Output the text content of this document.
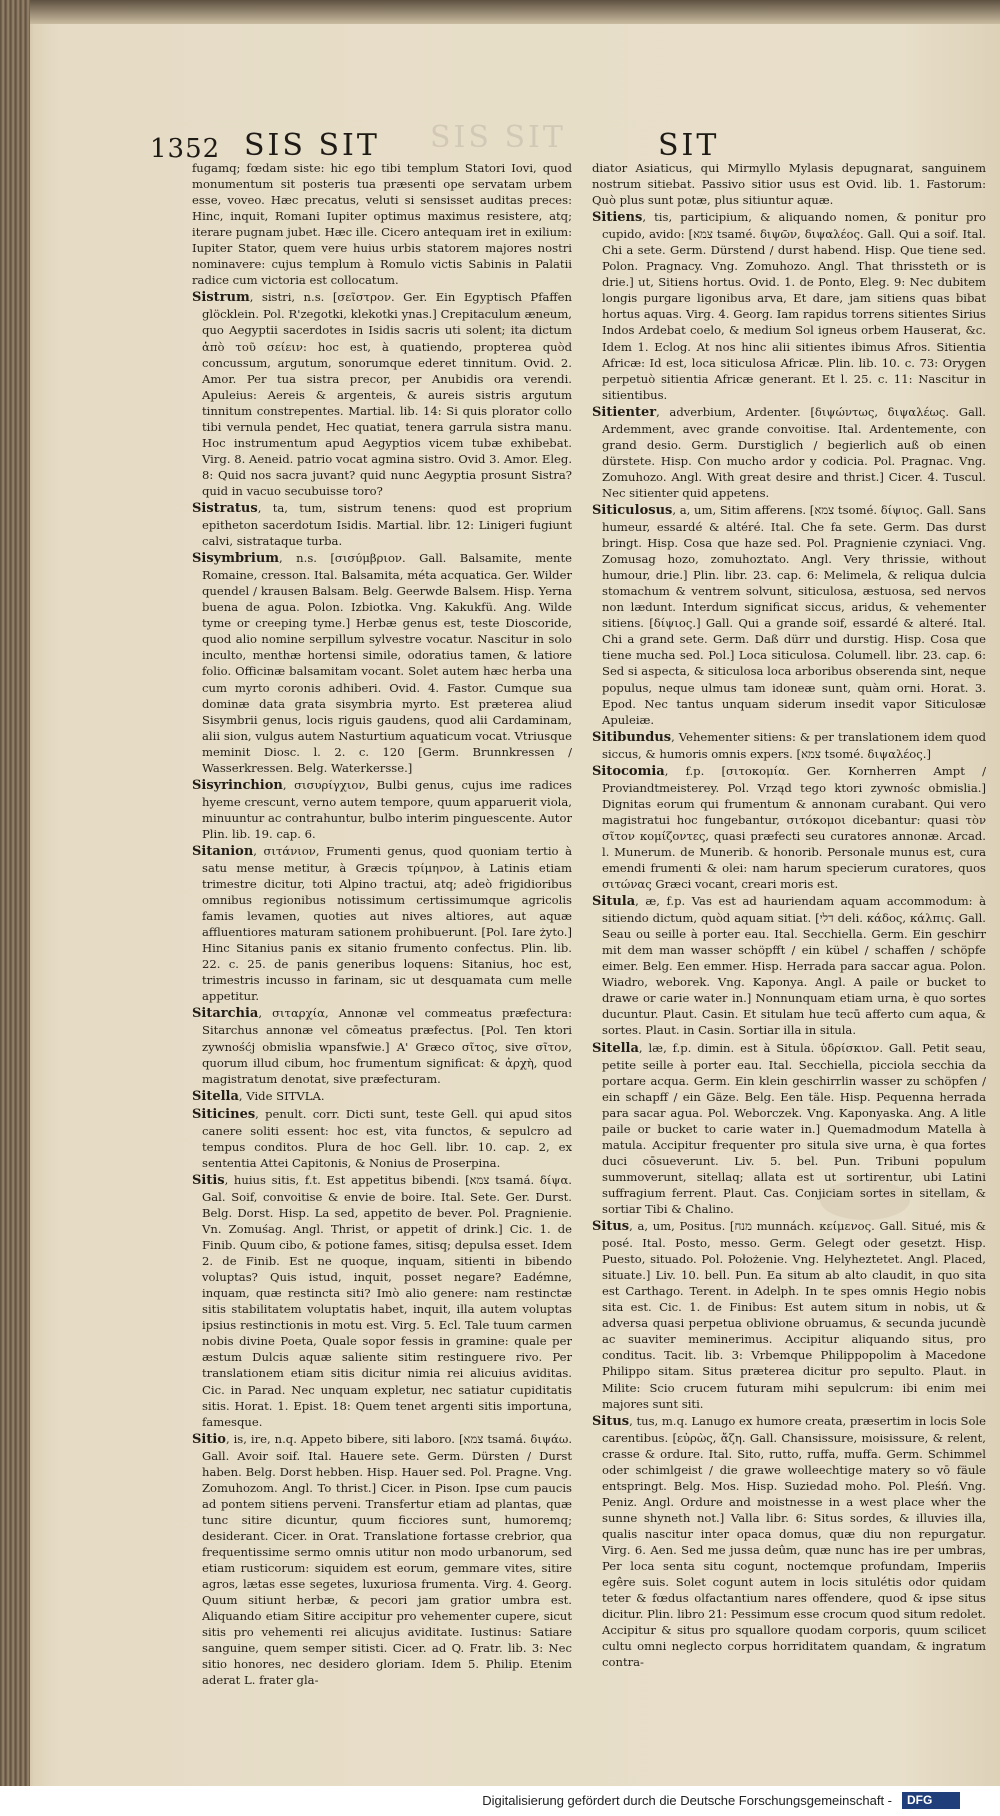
SIS SIT
1352 SIS SIT	SIT

fugamq; fœdam siste: hic ego tibi templum Statori Iovi, quod monumentum sit posteris tua præsenti ope servatam urbem esse, voveo. Hæc precatus, veluti si sensisset auditas preces: Hinc, inquit, Romani Iupiter optimus maximus resistere, atq; iterare pugnam jubet. Hæc ille. Cicero antequam iret in exilium: Iupiter Stator, quem vere huius urbis statorem majores nostri nominavere: cujus templum à Romulo victis Sabinis in Palatii radice cum victoria est collocatum.

Sistrum, sistri, n.s. [σεῖστρον. Ger. Ein Egyptisch Pfaffen glöcklein. Pol. R'zegotki, klekotki ynas.] Crepitaculum æneum, quo Aegyptii sacerdotes in Isidis sacris uti solent; ita dictum ἀπὸ τοῦ σείειν: hoc est, à quatiendo, propterea quòd concussum, argutum, sonorumque ederet tinnitum. Ovid. 2. Amor. Per tua sistra precor, per Anubidis ora verendi. Apuleius: Aereis & argenteis, & aureis sistris argutum tinnitum constrepentes. Martial. lib. 14: Si quis plorator collo tibi vernula pendet, Hec quatiat, tenera garrula sistra manu. Hoc instrumentum apud Aegyptios vicem tubæ exhibebat. Virg. 8. Aeneid. patrio vocat agmina sistro. Ovid 3. Amor. Eleg. 8: Quid nos sacra juvant? quid nunc Aegyptia prosunt Sistra? quid in vacuo secubuisse toro?

Sistratus, ta, tum, sistrum tenens: quod est proprium epitheton sacerdotum Isidis. Martial. libr. 12: Linigeri fugiunt calvi, sistrataque turba.

Sisymbrium, n.s. [σισύμβριον. Gall. Balsamite, mente Romaine, cresson. Ital. Balsamita, méta acquatica. Ger. Wilder quendel / krausen Balsam. Belg. Geerwde Balsem. Hisp. Yerna buena de agua. Polon. Izbiotka. Vng. Kakukfü. Ang. Wilde tyme or creeping tyme.] Herbæ genus est, teste Dioscoride, quod alio nomine serpillum sylvestre vocatur. Nascitur in solo inculto, menthæ hortensi simile, odoratius tamen, & latiore folio. Officinæ balsamitam vocant. Solet autem hæc herba una cum myrto coronis adhiberi. Ovid. 4. Fastor. Cumque sua dominæ data grata sisymbria myrto. Est præterea aliud Sisymbrii genus, locis riguis gaudens, quod alii Cardaminam, alii sion, vulgus autem Nasturtium aquaticum vocat. Vtriusque meminit Diosc. l. 2. c. 120 [Germ. Brunnkressen / Wasserkressen. Belg. Waterkersse.]

Sisyrinchion, σισυρίγχιον, Bulbi genus, cujus ime radices hyeme crescunt, verno autem tempore, quum apparuerit viola, minuuntur ac contrahuntur, bulbo interim pinguescente. Autor Plin. lib. 19. cap. 6.

Sitanion, σιτάνιον, Frumenti genus, quod quoniam tertio à satu mense metitur, à Græcis τρίμηνον, à Latinis etiam trimestre dicitur, toti Alpino tractui, atq; adeò frigidioribus omnibus regionibus notissimum certissimumque agricolis famis levamen, quoties aut nives altiores, aut aquæ affluentiores maturam sationem prohibuerunt. [Pol. Iare żyto.] Hinc Sitanius panis ex sitanio frumento confectus. Plin. lib. 22. c. 25. de panis generibus loquens: Sitanius, hoc est, trimestris incusso in farinam, sic ut desquamata cum melle appetitur.

Sitarchia, σιταρχία, Annonæ vel commeatus præfectura: Sitarchus annonæ vel cōmeatus præfectus. [Pol. Ten ktori zywnośćj obmislia wpansfwie.] A' Græco σῖτος, sive σῖτον, quorum illud cibum, hoc frumentum significat: & ἀρχὴ, quod magistratum denotat, sive præfecturam.

Sitella, Vide SITVLA.

Siticines, penult. corr. Dicti sunt, teste Gell. qui apud sitos canere soliti essent: hoc est, vita functos, & sepulcro ad tempus conditos. Plura de hoc Gell. libr. 10. cap. 2, ex sententia Attei Capitonis, & Nonius de Proserpina.

Sitis, huius sitis, f.t. Est appetitus bibendi. [צמא tsamá. δίψα. Gal. Soif, convoitise & envie de boire. Ital. Sete. Ger. Durst. Belg. Dorst. Hisp. La sed, appetito de bever. Pol. Pragnienie. Vn. Zomuśag. Angl. Thrist, or appetit of drink.] Cic. 1. de Finib. Quum cibo, & potione fames, sitisq; depulsa esset. Idem 2. de Finib. Est ne quoque, inquam, sitienti in bibendo voluptas? Quis istud, inquit, posset negare? Eadémne, inquam, quæ restincta siti? Imò alio genere: nam restinctæ sitis stabilitatem voluptatis habet, inquit, illa autem voluptas ipsius restinctionis in motu est. Virg. 5. Ecl. Tale tuum carmen nobis divine Poeta, Quale sopor fessis in gramine: quale per æstum Dulcis aquæ saliente sitim restinguere rivo. Per translationem etiam sitis dicitur nimia rei alicuius aviditas. Cic. in Parad. Nec unquam expletur, nec satiatur cupiditatis sitis. Horat. 1. Epist. 18: Quem tenet argenti sitis importuna, famesque.

Sitio, is, ire, n.q. Appeto bibere, siti laboro. [צמא tsamá. διψάω. Gall. Avoir soif. Ital. Hauere sete. Germ. Dürsten / Durst haben. Belg. Dorst hebben. Hisp. Hauer sed. Pol. Pragne. Vng. Zomuhozom. Angl. To thrist.] Cicer. in Pison. Ipse cum paucis ad pontem sitiens perveni. Transfertur etiam ad plantas, quæ tunc sitire dicuntur, quum ficciores sunt, humoremq; desiderant. Cicer. in Orat. Translatione fortasse crebrior, qua frequentissime sermo omnis utitur non modo urbanorum, sed etiam rusticorum: siquidem est eorum, gemmare vites, sitire agros, lætas esse segetes, luxuriosa frumenta. Virg. 4. Georg. Quum sitiunt herbæ, & pecori jam gratior umbra est. Aliquando etiam Sitire accipitur pro vehementer cupere, sicut sitis pro vehementi rei alicujus aviditate. Iustinus: Satiare sanguine, quem semper sitisti. Cicer. ad Q. Fratr. lib. 3: Nec sitio honores, nec desidero gloriam. Idem 5. Philip. Etenim aderat L. frater gla-

diator Asiaticus, qui Mirmyllo Mylasis depugnarat, sanguinem nostrum sitiebat. Passivo sitior usus est Ovid. lib. 1. Fastorum: Quò plus sunt potæ, plus sitiuntur aquæ.

Sitiens, tis, participium, & aliquando nomen, & ponitur pro cupido, avido: [צמא tsamé. διψῶν, διψαλέος. Gall. Qui a soif. Ital. Chi a sete. Germ. Dürstend / durst habend. Hisp. Que tiene sed. Polon. Pragnacy. Vng. Zomuhozo. Angl. That thrissteth or is drie.] ut, Sitiens hortus. Ovid. 1. de Ponto, Eleg. 9: Nec dubitem longis purgare ligonibus arva, Et dare, jam sitiens quas bibat hortus aquas. Virg. 4. Georg. Iam rapidus torrens sitientes Sirius Indos Ardebat coelo, & medium Sol igneus orbem Hauserat, &c. Idem 1. Eclog. At nos hinc alii sitientes ibimus Afros. Sitientia Africæ: Id est, loca siticulosa Africæ. Plin. lib. 10. c. 73: Orygen perpetuò sitientia Africæ generant. Et l. 25. c. 11: Nascitur in sitientibus.

Sitienter, adverbium, Ardenter. [διψώντως, διψαλέως. Gall. Ardemment, avec grande convoitise. Ital. Ardentemente, con grand desio. Germ. Durstiglich / begierlich auß ob einen dürstete. Hisp. Con mucho ardor y codicia. Pol. Pragnac. Vng. Zomuhozo. Angl. With great desire and thrist.] Cicer. 4. Tuscul. Nec sitienter quid appetens.

Siticulosus, a, um, Sitim afferens. [צמא tsomé. δίψιος. Gall. Sans humeur, essardé & altéré. Ital. Che fa sete. Germ. Das durst bringt. Hisp. Cosa que haze sed. Pol. Pragnienie czyniaci. Vng. Zomusag hozo, zomuhoztato. Angl. Very thrissie, without humour, drie.] Plin. libr. 23. cap. 6: Melimela, & reliqua dulcia stomachum & ventrem solvunt, siticulosa, æstuosa, sed nervos non lædunt. Interdum significat siccus, aridus, & vehementer sitiens. [δίψιος.] Gall. Qui a grande soif, essardé & alteré. Ital. Chi a grand sete. Germ. Daß dürr und durstig. Hisp. Cosa que tiene mucha sed. Pol.] Loca siticulosa. Columell. libr. 23. cap. 6: Sed si aspecta, & siticulosa loca arboribus obserenda sint, neque populus, neque ulmus tam idoneæ sunt, quàm orni. Horat. 3. Epod. Nec tantus unquam siderum insedit vapor Siticulosæ Apuleiæ.

Sitibundus, Vehementer sitiens: & per translationem idem quod siccus, & humoris omnis expers. [צמא tsomé. διψαλέος.]

Sitocomia, f.p. [σιτοκομία. Ger. Kornherren Ampt / Proviandtmeisterey. Pol. Vrząd tego ktori zywnośc obmislia.] Dignitas eorum qui frumentum & annonam curabant. Qui vero magistratui hoc fungebantur, σιτόκομοι dicebantur: quasi τὸν σῖτον κομίζοντες, quasi præfecti seu curatores annonæ. Arcad. l. Munerum. de Munerib. & honorib. Personale munus est, cura emendi frumenti & olei: nam harum specierum curatores, quos σιτώνας Græci vocant, creari moris est.

Situla, æ, f.p. Vas est ad hauriendam aquam accommodum: à sitiendo dictum, quòd aquam sitiat. [דלי deli. κάδος, κάλπις. Gall. Seau ou seille à porter eau. Ital. Secchiella. Germ. Ein geschirr mit dem man wasser schöpfft / ein kübel / schaffen / schöpfe eimer. Belg. Een emmer. Hisp. Herrada para saccar agua. Polon. Wiadro, weborek. Vng. Kaponya. Angl. A paile or bucket to drawe or carie water in.] Nonnunquam etiam urna, è quo sortes ducuntur. Plaut. Casin. Et situlam hue tecū afferto cum aqua, & sortes. Plaut. in Casin. Sortiar illa in situla.

Sitella, læ, f.p. dimin. est à Situla. ὑδρίσκιον. Gall. Petit seau, petite seille à porter eau. Ital. Secchiella, picciola secchia da portare acqua. Germ. Ein klein geschirrlin wasser zu schöpfen / ein schapff / ein Gäze. Belg. Een täle. Hisp. Pequenna herrada para sacar agua. Pol. Weborczek. Vng. Kaponyaska. Ang. A litle paile or bucket to carie water in.] Quemadmodum Matella à matula. Accipitur frequenter pro situla sive urna, è qua fortes duci cōsueverunt. Liv. 5. bel. Pun. Tribuni populum summoverunt, sitellaq; allata est ut sortirentur, ubi Latini suffragium ferrent. Plaut. Cas. Conjiciam sortes in sitellam, & sortiar Tibi & Chalino.

Situs, a, um, Positus. [מנח munnách. κείμενος. Gall. Situé, mis & posé. Ital. Posto, messo. Germ. Gelegt oder gesetzt. Hisp. Puesto, situado. Pol. Położenie. Vng. Helyheztetet. Angl. Placed, situate.] Liv. 10. bell. Pun. Ea situm ab alto claudit, in quo sita est Carthago. Terent. in Adelph. In te spes omnis Hegio nobis sita est. Cic. 1. de Finibus: Est autem situm in nobis, ut & adversa quasi perpetua oblivione obruamus, & secunda jucundè ac suaviter meminerimus. Accipitur aliquando situs, pro conditus. Tacit. lib. 3: Vrbemque Philippopolim à Macedone Philippo sitam. Situs præterea dicitur pro sepulto. Plaut. in Milite: Scio crucem futuram mihi sepulcrum: ibi enim mei majores sunt siti.

Situs, tus, m.q. Lanugo ex humore creata, præsertim in locis Sole carentibus. [εὐρὼς, ἄζη. Gall. Chansissure, moisissure, & relent, crasse & ordure. Ital. Sito, rutto, ruffa, muffa. Germ. Schimmel oder schimlgeist / die grawe wolleechtige matery so vō fäule entspringt. Belg. Mos. Hisp. Suziedad moho. Pol. Pleśń. Vng. Peniz. Angl. Ordure and moistnesse in a west place wher the sunne shyneth not.] Valla libr. 6: Situs sordes, & illuvies illa, qualis nascitur inter opaca domus, quæ diu non repurgatur. Virg. 6. Aen. Sed me jussa deûm, quæ nunc has ire per umbras, Per loca senta situ cogunt, noctemque profundam, Imperiis egêre suis. Solet cogunt autem in locis situlétis odor quidam teter & fœdus olfactantium nares offendere, quod & ipse situs dicitur. Plin. libro 21: Pessimum esse crocum quod situm redolet. Accipitur & situs pro squallore quodam corporis, quum scilicet cultu omni neglecto corpus horriditatem quandam, & ingratum contra-

Digitalisierung gefördert durch die Deutsche Forschungsgemeinschaft - DFG
